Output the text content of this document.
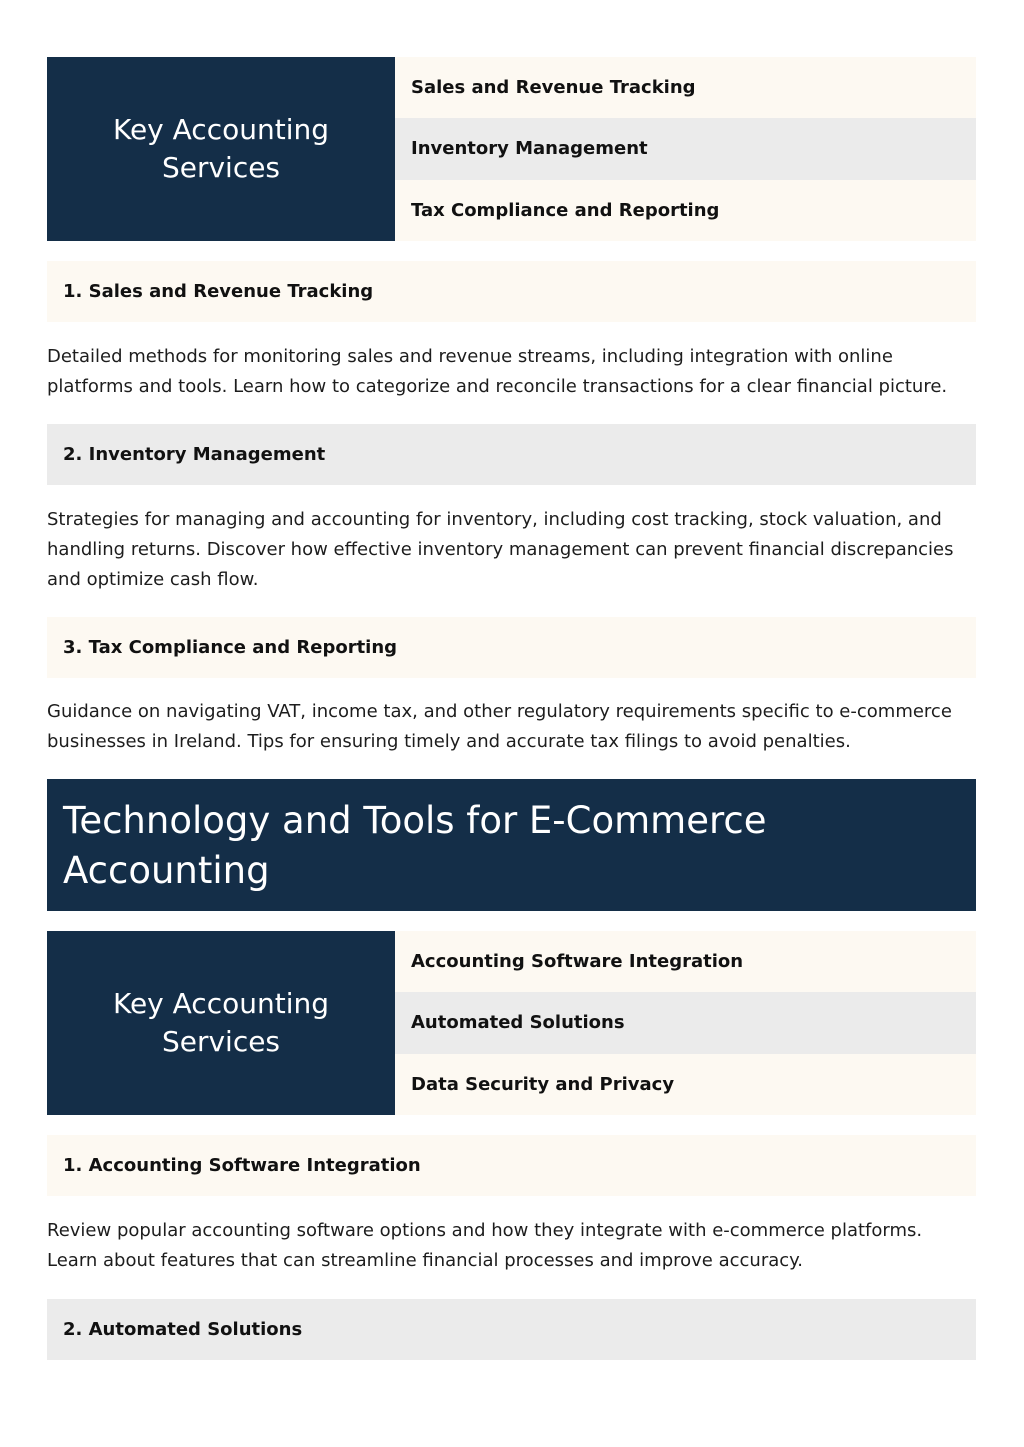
Key Accounting Services
Sales and Revenue Tracking
Inventory Management
Tax Compliance and Reporting
1. Sales and Revenue Tracking

Detailed methods for monitoring sales and revenue streams, including integration with online platforms and tools. Learn how to categorize and reconcile transactions for a clear financial picture.

2. Inventory Management

Strategies for managing and accounting for inventory, including cost tracking, stock valuation, and handling returns. Discover how effective inventory management can prevent financial discrepancies and optimize cash flow.

3. Tax Compliance and Reporting

Guidance on navigating VAT, income tax, and other regulatory requirements specific to e-commerce businesses in Ireland. Tips for ensuring timely and accurate tax filings to avoid penalties.

Technology and Tools for E-Commerce Accounting
Key Accounting Services
Accounting Software Integration
Automated Solutions
Data Security and Privacy
1. Accounting Software Integration

Review popular accounting software options and how they integrate with e-commerce platforms. Learn about features that can streamline financial processes and improve accuracy.

2. Automated Solutions
